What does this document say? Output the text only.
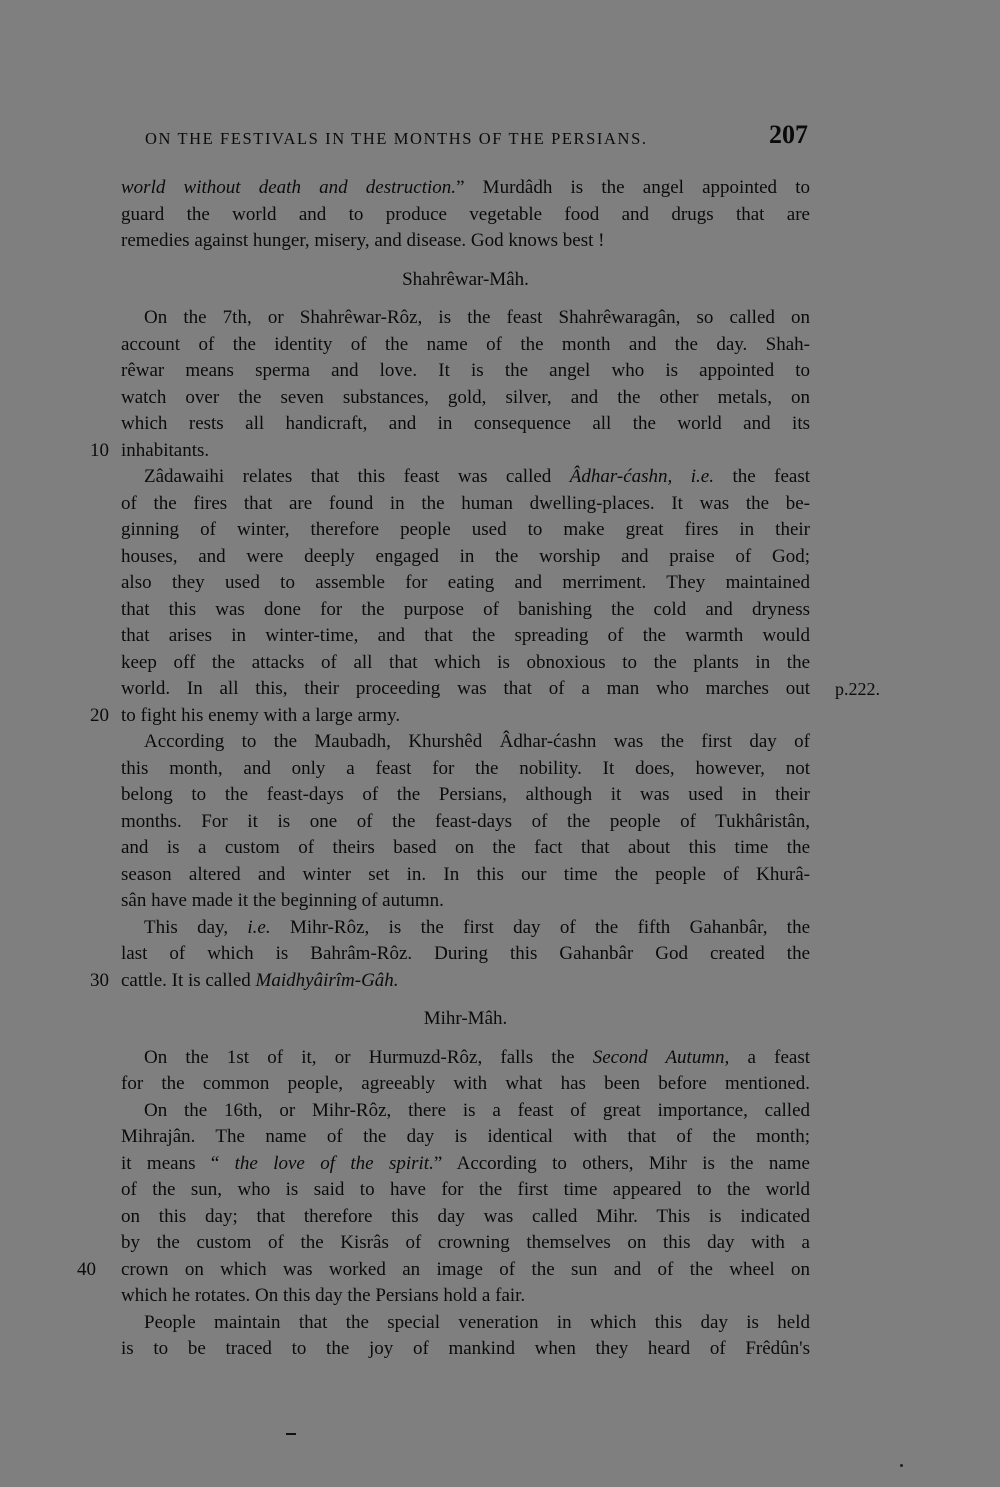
ON THE FESTIVALS IN THE MONTHS OF THE PERSIANS.	207
world without death and destruction.” Murdâdh is the angel appointed to
guard the world and to produce vegetable food and drugs that are
remedies against hunger, misery, and disease. God knows best !
Shahrêwar-Mâh.
On the 7th, or Shahrêwar-Rôz, is the feast Shahrêwaragân, so called on
account of the identity of the name of the month and the day. Shah-
rêwar means sperma and love. It is the angel who is appointed to
watch over the seven substances, gold, silver, and the other metals, on
which rests all handicraft, and in consequence all the world and its
10 inhabitants.
Zâdawaihi relates that this feast was called Âdhar-ćashn, i.e. the feast
of the fires that are found in the human dwelling-places. It was the be-
ginning of winter, therefore people used to make great fires in their
houses, and were deeply engaged in the worship and praise of God;
also they used to assemble for eating and merriment. They maintained
that this was done for the purpose of banishing the cold and dryness
that arises in winter-time, and that the spreading of the warmth would
keep off the attacks of all that which is obnoxious to the plants in the
world. In all this, their proceeding was that of a man who marches out p.222.
20 to fight his enemy with a large army.
According to the Maubadh, Khurshêd Âdhar-ćashn was the first day of
this month, and only a feast for the nobility. It does, however, not
belong to the feast-days of the Persians, although it was used in their
months. For it is one of the feast-days of the people of Tukhâristân,
and is a custom of theirs based on the fact that about this time the
season altered and winter set in. In this our time the people of Khurâ-
sân have made it the beginning of autumn.
This day, i.e. Mihr-Rôz, is the first day of the fifth Gahanbâr, the
last of which is Bahrâm-Rôz. During this Gahanbâr God created the
30 cattle. It is called Maidhyâirîm-Gâh.
Mihr-Mâh.
On the 1st of it, or Hurmuzd-Rôz, falls the Second Autumn, a feast
for the common people, agreeably with what has been before mentioned.
On the 16th, or Mihr-Rôz, there is a feast of great importance, called
Mihrajân. The name of the day is identical with that of the month;
it means “ the love of the spirit.” According to others, Mihr is the name
of the sun, who is said to have for the first time appeared to the world
on this day; that therefore this day was called Mihr. This is indicated
by the custom of the Kisrâs of crowning themselves on this day with a
40	crown on which was worked an image of the sun and of the wheel on
which he rotates. On this day the Persians hold a fair.
People maintain that the special veneration in which this day is held
is to be traced to the joy of mankind when they heard of Frêdûn's
